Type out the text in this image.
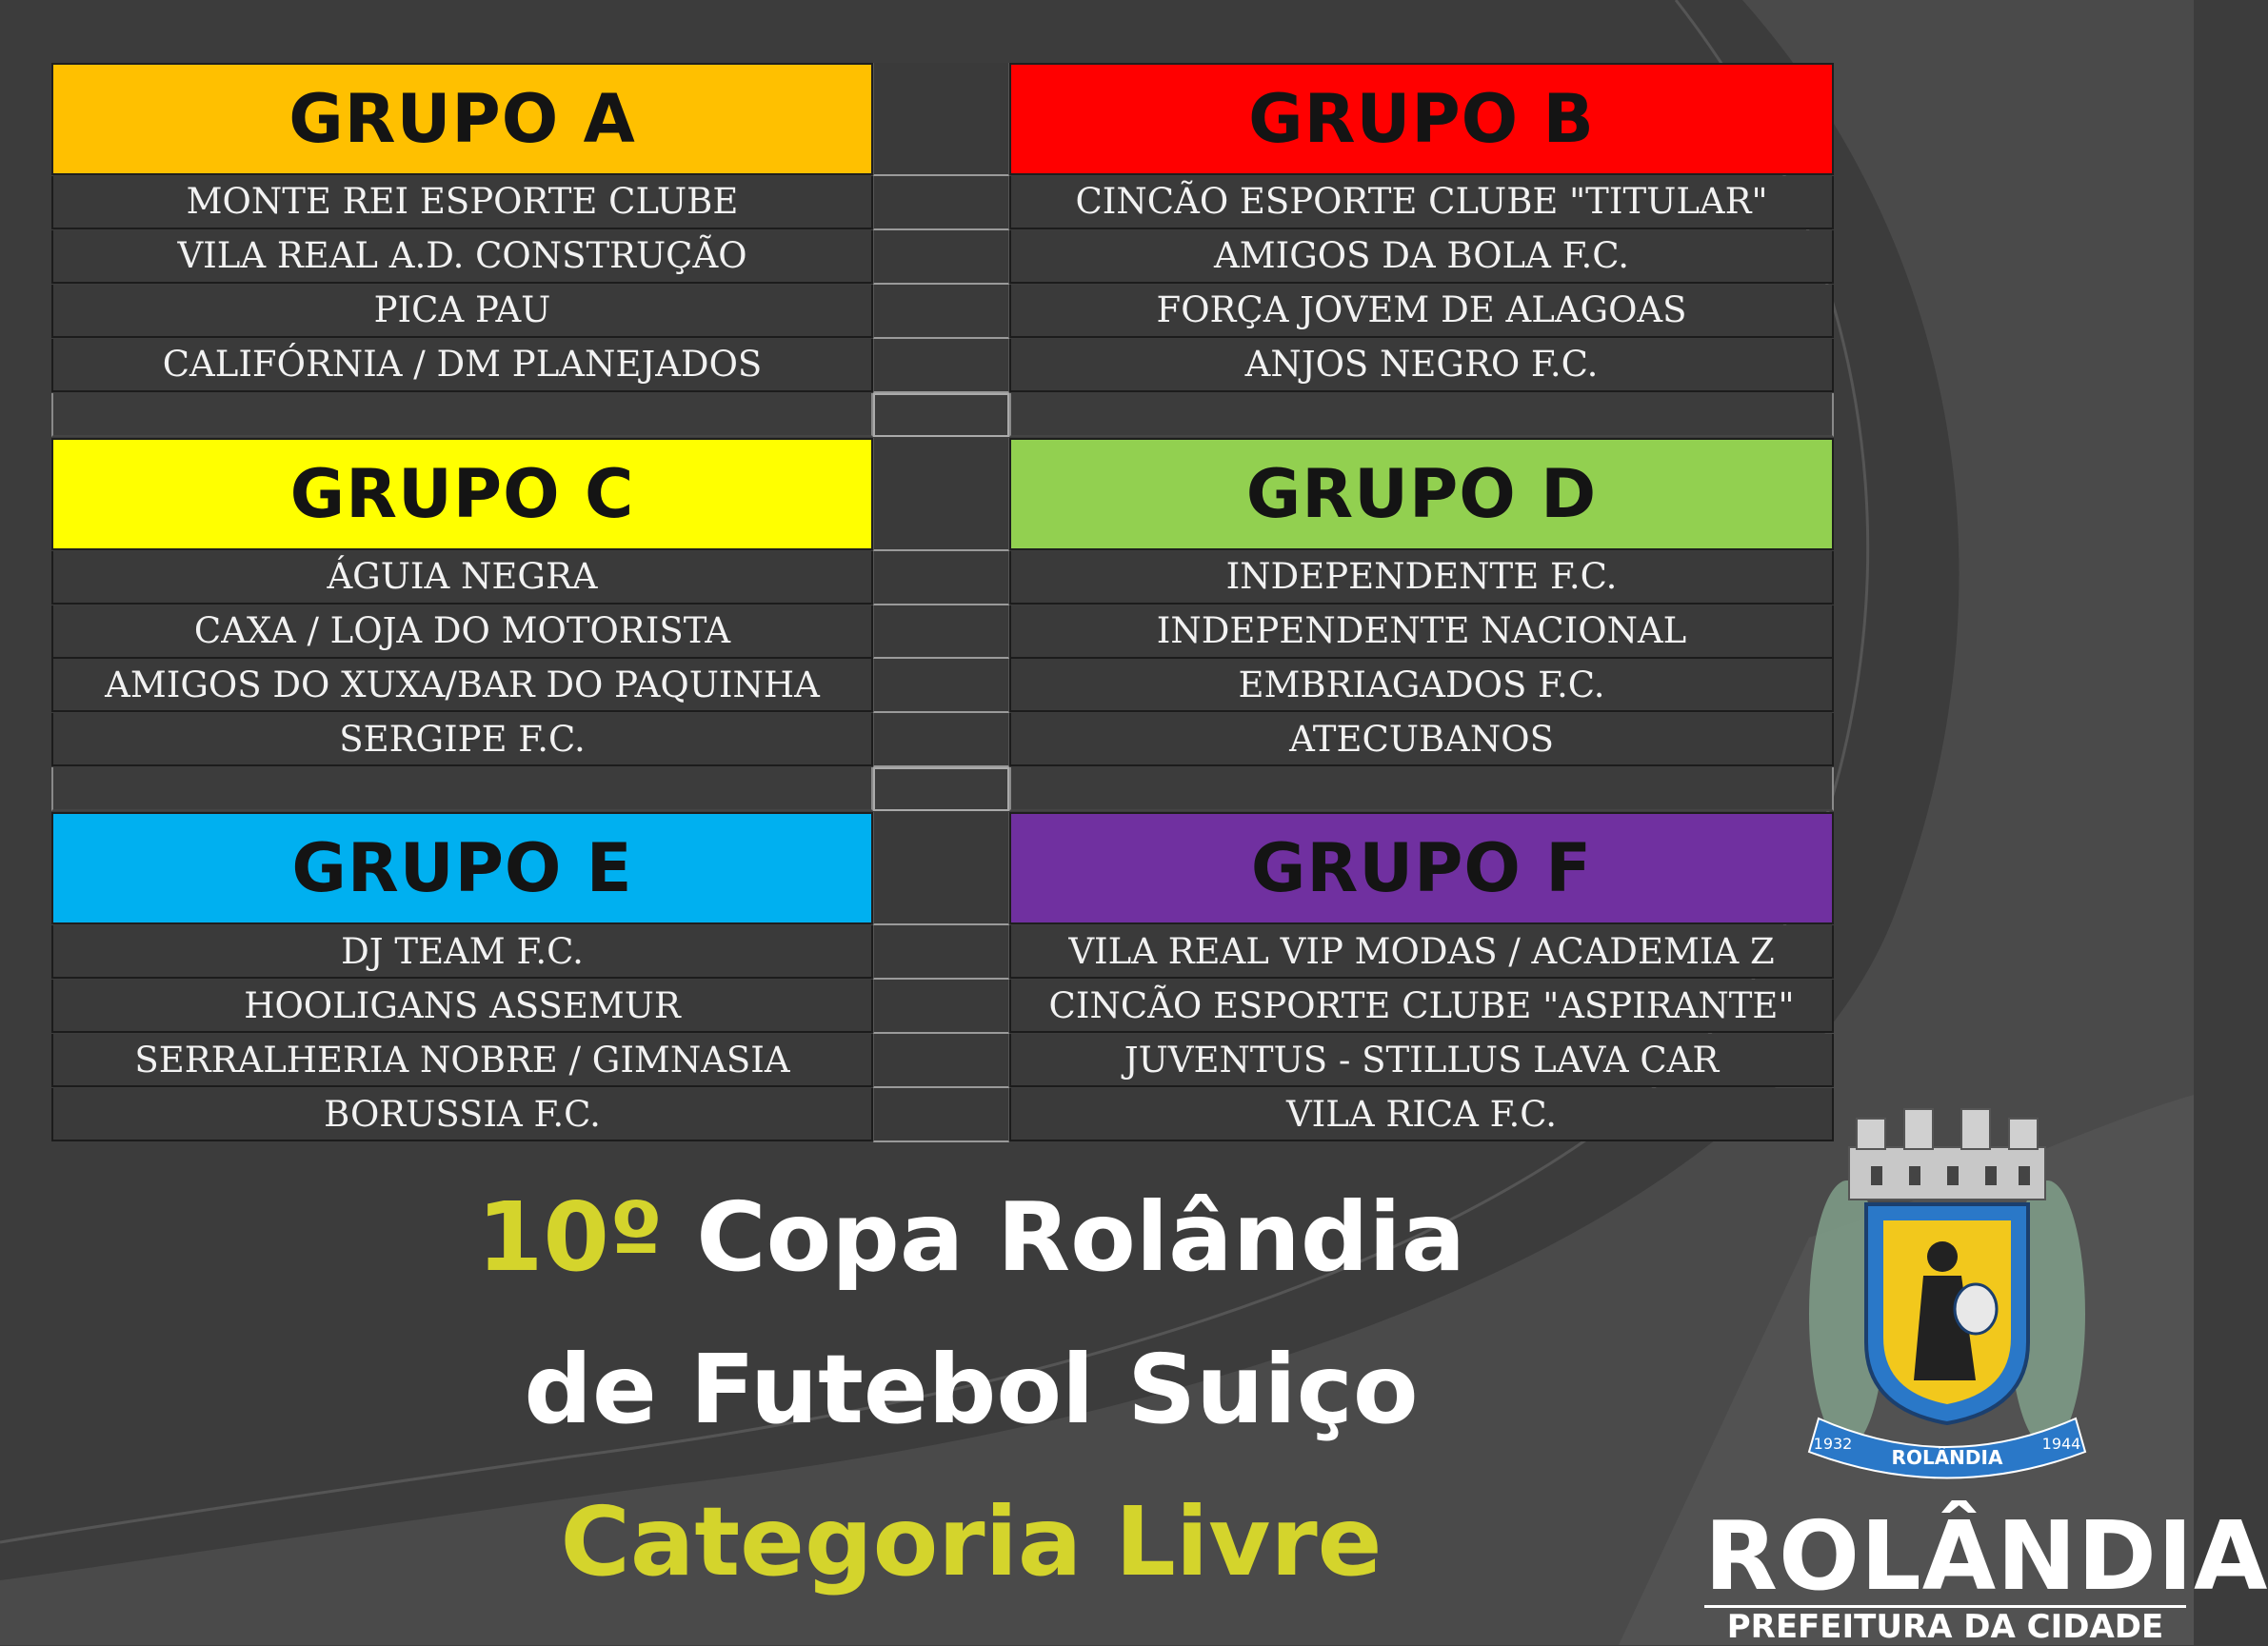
GRUPO A	GRUPO B
MONTE REI ESPORTE CLUBE	CINCÃO ESPORTE CLUBE "TITULAR"
VILA REAL A.D. CONSTRUÇÃO	AMIGOS DA BOLA F.C.
PICA PAU	FORÇA JOVEM DE ALAGOAS
CALIFÓRNIA / DM PLANEJADOS	ANJOS NEGRO F.C.
GRUPO C	GRUPO D
ÁGUIA NEGRA	INDEPENDENTE F.C.
CAXA / LOJA DO MOTORISTA	INDEPENDENTE NACIONAL
AMIGOS DO XUXA/BAR DO PAQUINHA	EMBRIAGADOS F.C.
SERGIPE F.C.	ATECUBANOS
GRUPO E	GRUPO F
DJ TEAM F.C.	VILA REAL VIP MODAS / ACADEMIA Z
HOOLIGANS ASSEMUR	CINCÃO ESPORTE CLUBE "ASPIRANTE"
SERRALHERIA NOBRE / GIMNASIA	JUVENTUS - STILLUS LAVA CAR
BORUSSIA F.C.	VILA RICA F.C.
10º Copa Rolândia
de Futebol Suiço
Categoria Livre
ROLÂNDIA
1932	1944
ROLÂNDIA
PREFEITURA DA CIDADE
